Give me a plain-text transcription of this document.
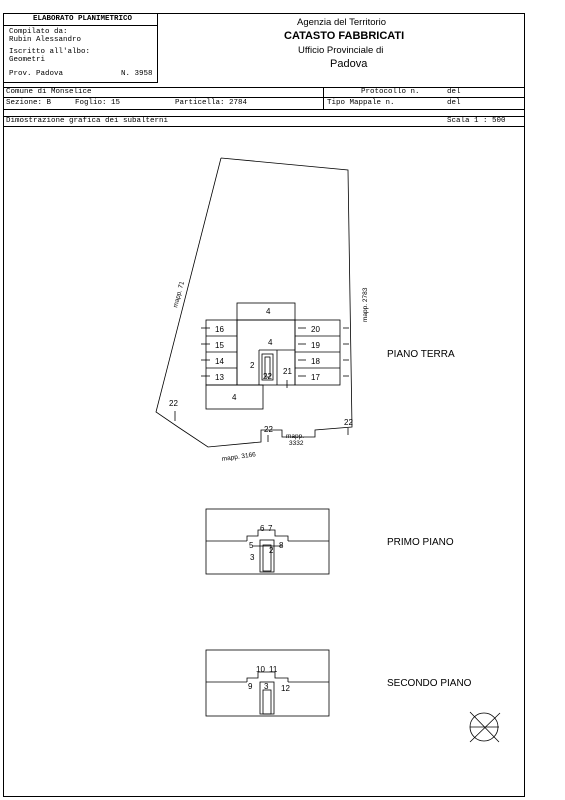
ELABORATO PLANIMETRICO
Compilato da:
Rubin Alessandro
Iscritto all'albo:
Geometri
Prov. Padova	N. 3958
Agenzia del Territorio
CATASTO FABBRICATI
Ufficio Provinciale di
Padova
Comune di Monselice
Sezione: B	Foglio: 15	Particella: 2784
Protocollo n.	del
Tipo Mappale n.	del
Dimostrazione grafica dei subalterni	Scala 1 : 500
4
16
15
14
13
20
19
18
17
4
2
22
21
4
22
22
22
6 7
5	8
3
2
10 11
9 3 12
mapp. 71	mapp. 2783
mapp. 3166
mapp.
3332
PIANO TERRA
PRIMO PIANO
SECONDO PIANO
